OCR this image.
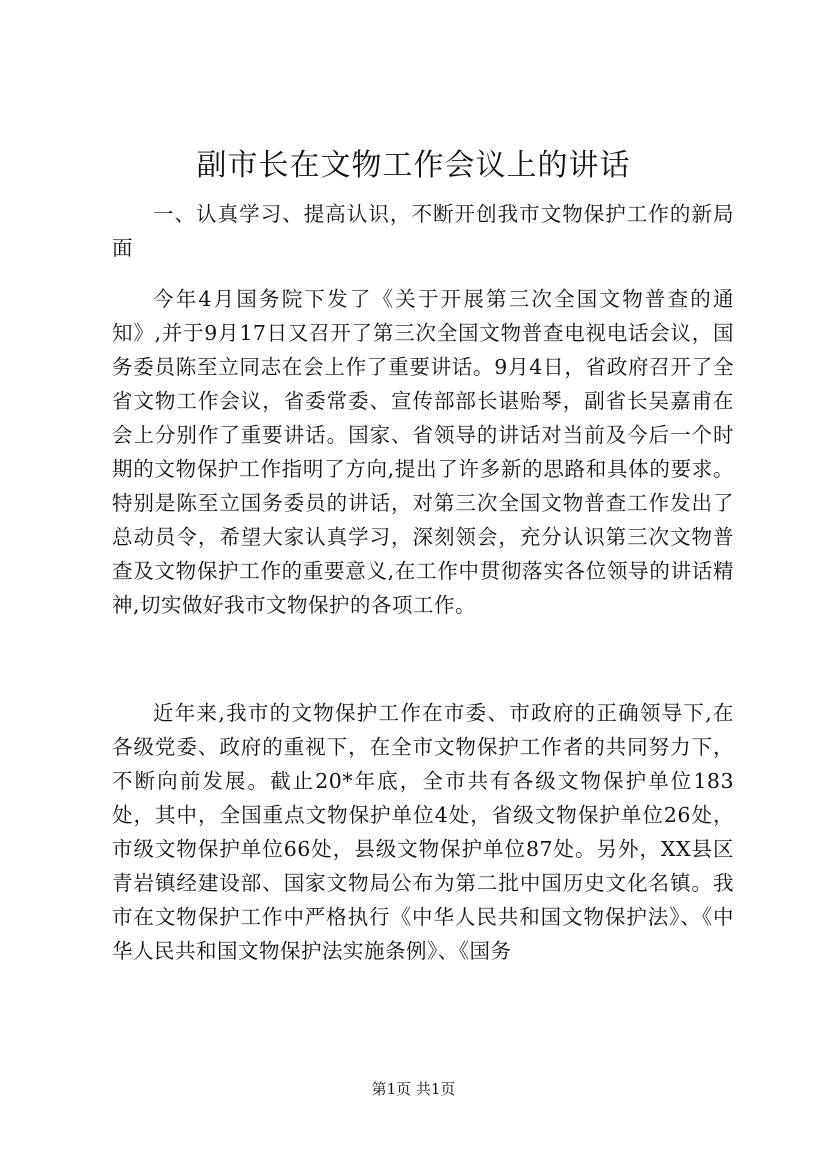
副市长在文物工作会议上的讲话

一、认真学习、提高认识，不断开创我市文物保护工作的新局面

今年4月国务院下发了《关于开展第三次全国文物普查的通知》,并于9月17日又召开了第三次全国文物普查电视电话会议，国务委员陈至立同志在会上作了重要讲话。9月4日，省政府召开了全省文物工作会议，省委常委、宣传部部长谌贻琴，副省长吴嘉甫在会上分别作了重要讲话。国家、省领导的讲话对当前及今后一个时期的文物保护工作指明了方向,提出了许多新的思路和具体的要求。特别是陈至立国务委员的讲话，对第三次全国文物普查工作发出了总动员令，希望大家认真学习，深刻领会，充分认识第三次文物普查及文物保护工作的重要意义,在工作中贯彻落实各位领导的讲话精神,切实做好我市文物保护的各项工作。

近年来,我市的文物保护工作在市委、市政府的正确领导下,在各级党委、政府的重视下，在全市文物保护工作者的共同努力下，不断向前发展。截止20*年底，全市共有各级文物保护单位183处，其中，全国重点文物保护单位4处，省级文物保护单位26处，市级文物保护单位66处，县级文物保护单位87处。另外，XX县区青岩镇经建设部、国家文物局公布为第二批中国历史文化名镇。我市在文物保护工作中严格执行《中华人民共和国文物保护法》、《中华人民共和国文物保护法实施条例》、《国务

第1页 共1页
